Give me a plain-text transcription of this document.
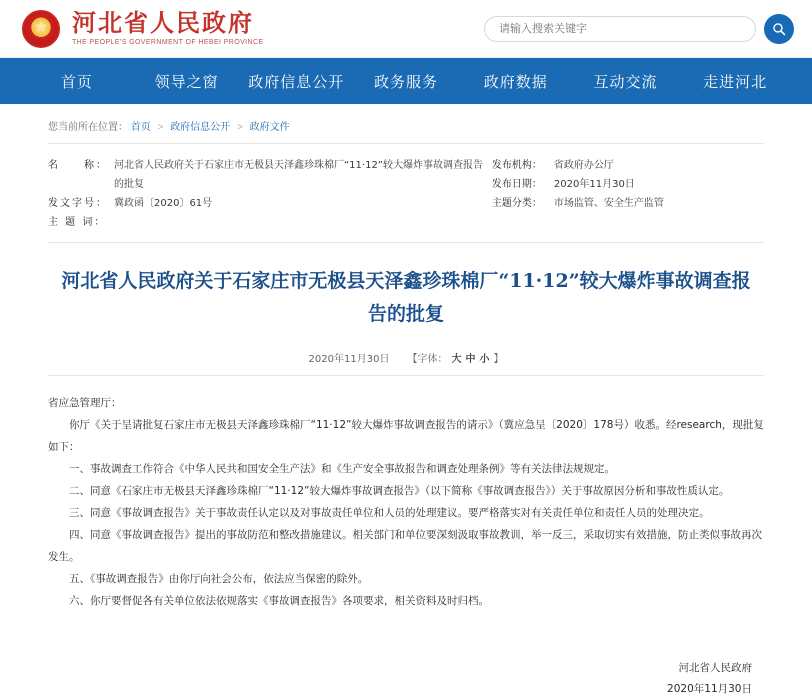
★
河北省人民政府
THE PEOPLE'S GOVERNMENT OF HEBEI PROVINCE
请输入搜索关键字
首页	领导之窗	政府信息公开	政务服务	政府数据	互动交流	走进河北
您当前所在位置： 首页 > 政府信息公开 > 政府文件
名　　称： 河北省人民政府关于石家庄市无极县天泽鑫珍珠棉厂“11·12”较大爆炸事故调查报告的批复
发文字号： 冀政函〔2020〕61号
主 题 词：
发布机构：	省政府办公厅
发布日期：	2020年11月30日
主题分类：	市场监管、安全生产监管
河北省人民政府关于石家庄市无极县天泽鑫珍珠棉厂“11·12”较大爆炸事故调查报告的批复
2020年11月30日 【字体： 大 中 小 】

省应急管理厅：

你厅《关于呈请批复石家庄市无极县天泽鑫珍珠棉厂“11·12”较大爆炸事故调查报告的请示》（冀应急呈〔2020〕178号）收悉。经research，现批复如下：

一、事故调查工作符合《中华人民共和国安全生产法》和《生产安全事故报告和调查处理条例》等有关法律法规规定。

二、同意《石家庄市无极县天泽鑫珍珠棉厂“11·12”较大爆炸事故调查报告》（以下简称《事故调查报告》）关于事故原因分析和事故性质认定。

三、同意《事故调查报告》关于事故责任认定以及对事故责任单位和人员的处理建议。要严格落实对有关责任单位和责任人员的处理决定。

四、同意《事故调查报告》提出的事故防范和整改措施建议。相关部门和单位要深刻汲取事故教训，举一反三，采取切实有效措施，防止类似事故再次发生。

五、《事故调查报告》由你厅向社会公布，依法应当保密的除外。

六、你厅要督促各有关单位依法依规落实《事故调查报告》各项要求，相关资料及时归档。

河北省人民政府
2020年11月30日
